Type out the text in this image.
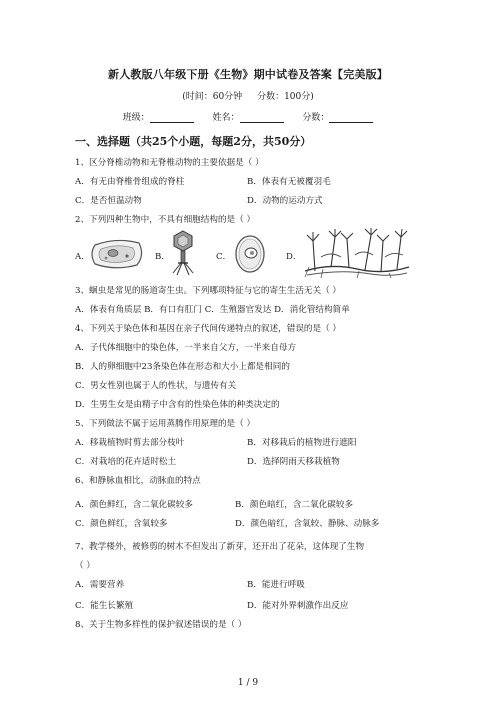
新人教版八年级下册《生物》期中试卷及答案【完美版】
(时间：60分钟 分数：100分)
班级：	姓名：	分数：
一、选择题（共25个小题，每题2分，共50分）
1、区分脊椎动物和无脊椎动物的主要依据是（ ）
A．有无由脊椎骨组成的脊柱	B．体表有无被覆羽毛
C．是否恒温动物	D．动物的运动方式
2、下列四种生物中，不具有细胞结构的是（ ）
A．	B．	C．	D．
3、蛔虫是常见的肠道寄生虫。下列哪项特征与它的寄生生活无关（ ）
A．体表有角质层 B．有口有肛门 C．生殖器官发达 D．消化管结构简单
4、下列关于染色体和基因在亲子代间传递特点的叙述，错误的是（ ）
A．子代体细胞中的染色体，一半来自父方，一半来自母方
B．人的卵细胞中23条染色体在形态和大小上都是相同的
C．男女性别也属于人的性状，与遗传有关
D．生男生女是由精子中含有的性染色体的种类决定的
5、下列做法不属于运用蒸腾作用原理的是（ ）
A．移栽植物时剪去部分枝叶	B．对移栽后的植物进行遮阳
C．对栽培的花卉适时松土	D．选择阴雨天移栽植物
6、和静脉血相比，动脉血的特点
A．颜色鲜红，含二氧化碳较多	B．颜色暗红，含二氧化碳较多
C．颜色鲜红，含氧较多	D．颜色暗红，含氧较、静脉、动脉多
7、教学楼外，被修剪的树木不但发出了新芽，还开出了花朵，这体现了生物
（ ）
A．需要营养	B．能进行呼吸
C．能生长繁殖	D．能对外界刺激作出反应
8、关于生物多样性的保护叙述错误的是（ ）
1 / 9
